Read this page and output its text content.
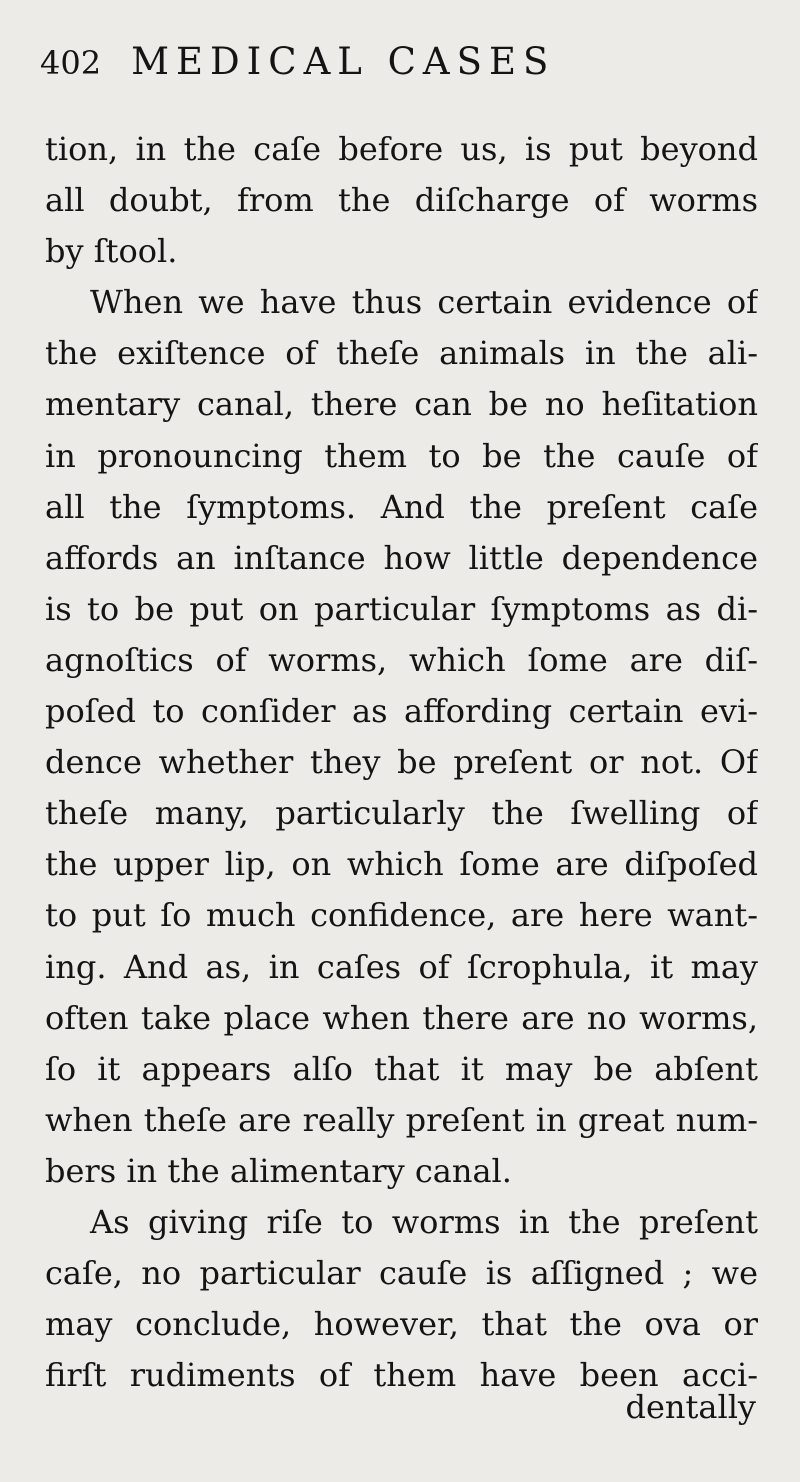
402 MEDICAL CASES
tion, in the caſe before us, is put beyond
all doubt, from the diſcharge of worms
by ſtool.
When we have thus certain evidence of
the exiſtence of theſe animals in the ali-
mentary canal, there can be no heſitation
in pronouncing them to be the cauſe of
all the ſymptoms. And the preſent caſe
affords an inſtance how little dependence
is to be put on particular ſymptoms as di-
agnoſtics of worms, which ſome are diſ-
poſed to conſider as affording certain evi-
dence whether they be preſent or not. Of
theſe many, particularly the ſwelling of
the upper lip, on which ſome are diſpoſed
to put ſo much confidence, are here want-
ing. And as, in caſes of ſcrophula, it may
often take place when there are no worms,
ſo it appears alſo that it may be abſent
when theſe are really preſent in great num-
bers in the alimentary canal.
As giving riſe to worms in the preſent
caſe, no particular cauſe is aſſigned ; we
may conclude, however, that the ova or
firſt rudiments of them have been acci-
dentally
